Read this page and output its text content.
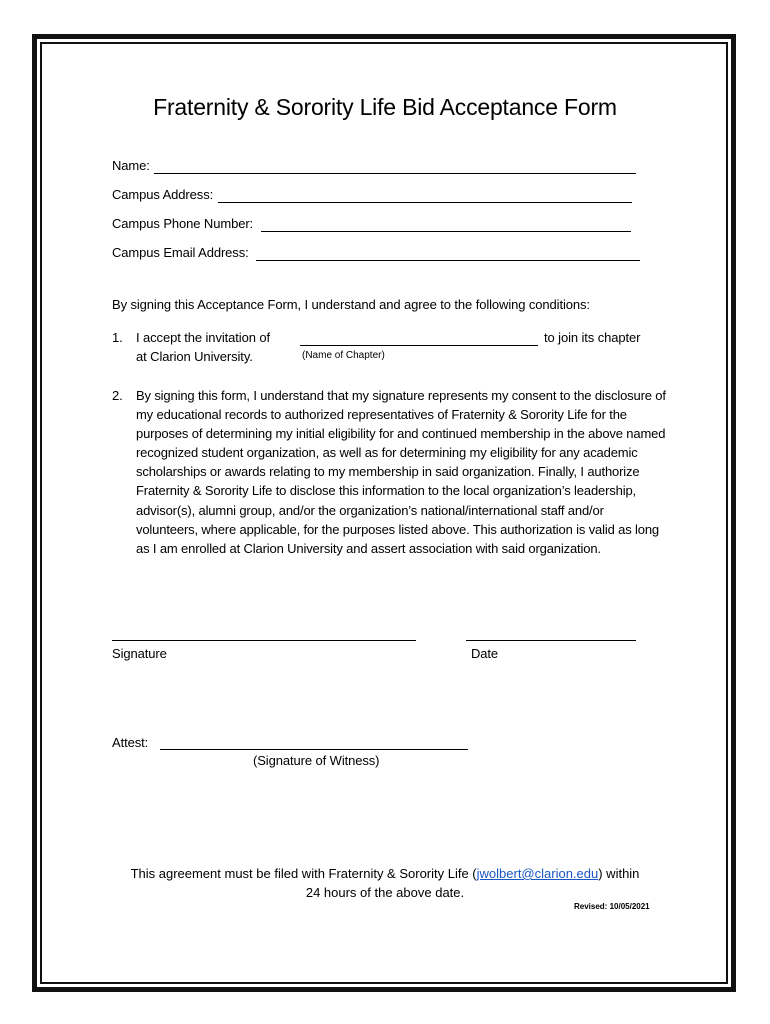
Fraternity & Sorority Life Bid Acceptance Form
Name:
Campus Address:
Campus Phone Number:
Campus Email Address:
By signing this Acceptance Form, I understand and agree to the following conditions:
1. I accept the invitation of	to join its chapter
at Clarion University.	(Name of Chapter)
2. By signing this form, I understand that my signature represents my consent to the disclosure of my educational records to authorized representatives of Fraternity & Sorority Life for the purposes of determining my initial eligibility for and continued membership in the above named recognized student organization, as well as for determining my eligibility for any academic scholarships or awards relating to my membership in said organization. Finally, I authorize Fraternity & Sorority Life to disclose this information to the local organization’s leadership, advisor(s), alumni group, and/or the organization’s national/international staff and/or volunteers, where applicable, for the purposes listed above. This authorization is valid as long as I am enrolled at Clarion University and assert association with said organization.
Signature	Date
Attest:
(Signature of Witness)
This agreement must be filed with Fraternity & Sorority Life (jwolbert@clarion.edu) within
24 hours of the above date.
Revised: 10/05/2021
